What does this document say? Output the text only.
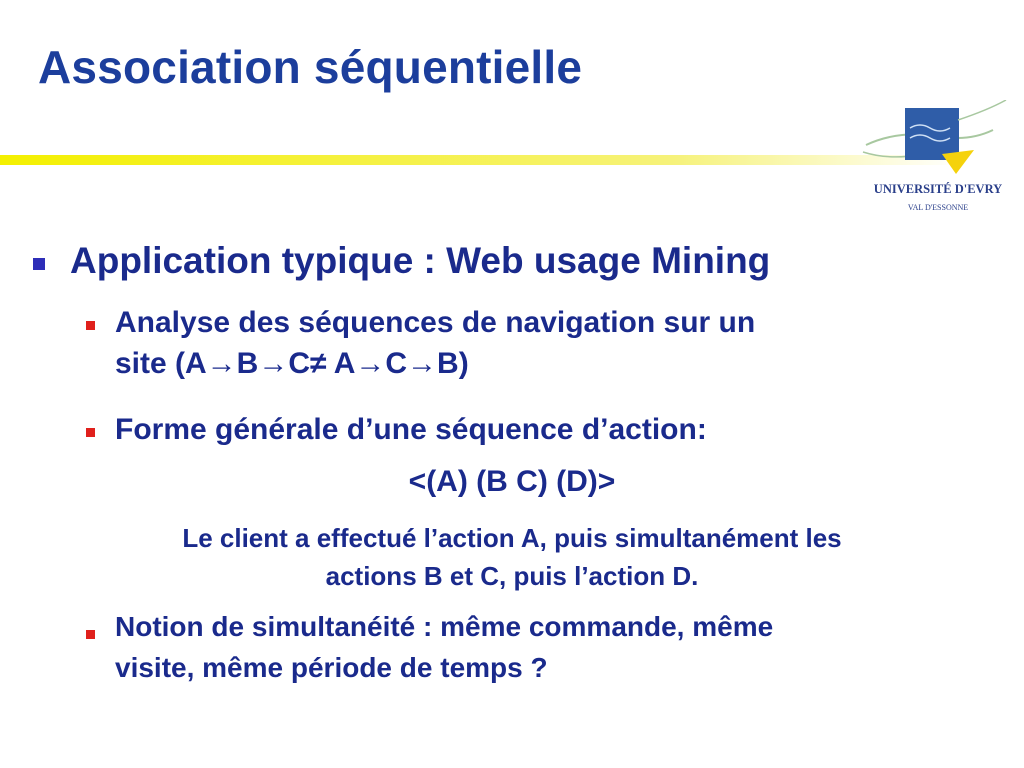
Association séquentielle
UNIVERSITÉ D'EVRY
VAL D'ESSONNE
Application typique : Web usage Mining
Analyse des séquences de navigation sur un
site (A→B→C≠ A→C→B)
Forme générale d’une séquence d’action:
<(A) (B C) (D)>
Le client a effectué l’action A, puis simultanément les
actions B et C, puis l’action D.
Notion de simultanéité : même commande, même
visite, même période de temps ?
